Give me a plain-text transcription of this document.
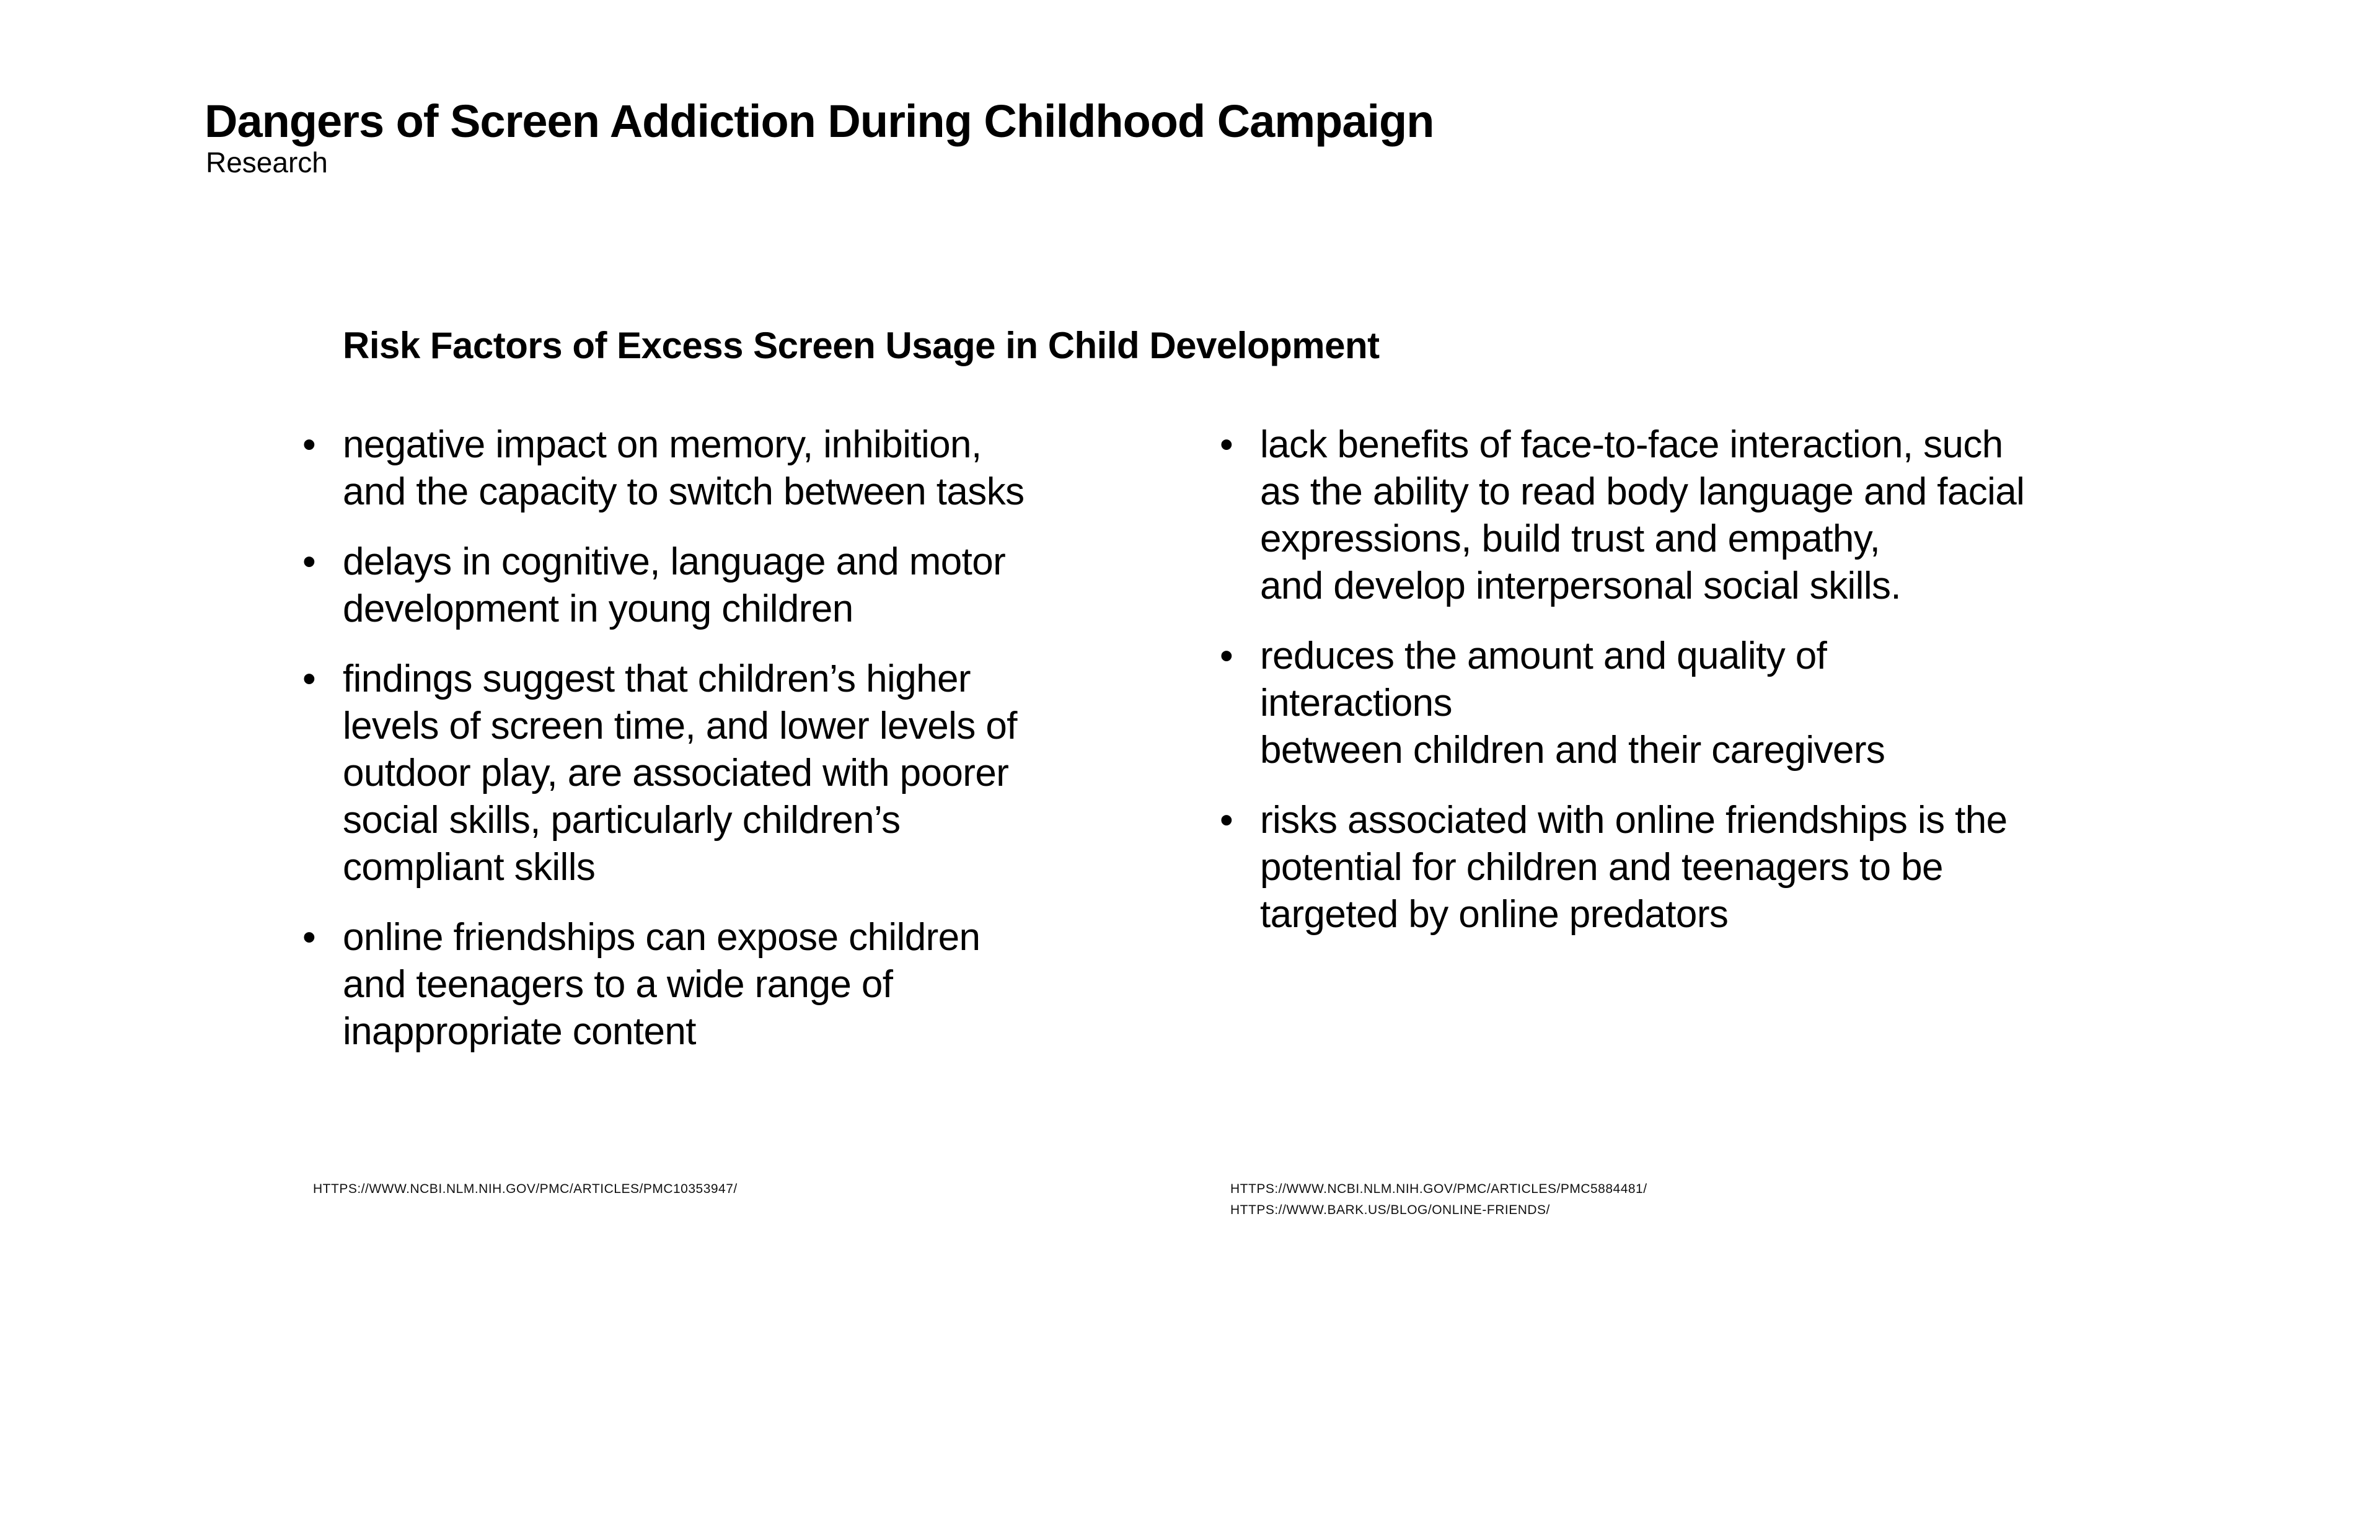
Dangers of Screen Addiction During Childhood Campaign
Research
Risk Factors of Excess Screen Usage in Child Development
• negative impact on memory, inhibition,
and the capacity to switch between tasks
• delays in cognitive, language and motor
development in young children
• findings suggest that children’s higher
levels of screen time, and lower levels of
outdoor play, are associated with poorer
social skills, particularly children’s
compliant skills
• online friendships can expose children
and teenagers to a wide range of
inappropriate content
• lack benefits of face-to-face interaction, such
as the ability to read body language and facial
expressions, build trust and empathy,
and develop interpersonal social skills.
• reduces the amount and quality of interactions
between children and their caregivers
• risks associated with online friendships is the
potential for children and teenagers to be
targeted by online predators
HTTPS://WWW.NCBI.NLM.NIH.GOV/PMC/ARTICLES/PMC10353947/	HTTPS://WWW.NCBI.NLM.NIH.GOV/PMC/ARTICLES/PMC5884481/
HTTPS://WWW.BARK.US/BLOG/ONLINE-FRIENDS/
